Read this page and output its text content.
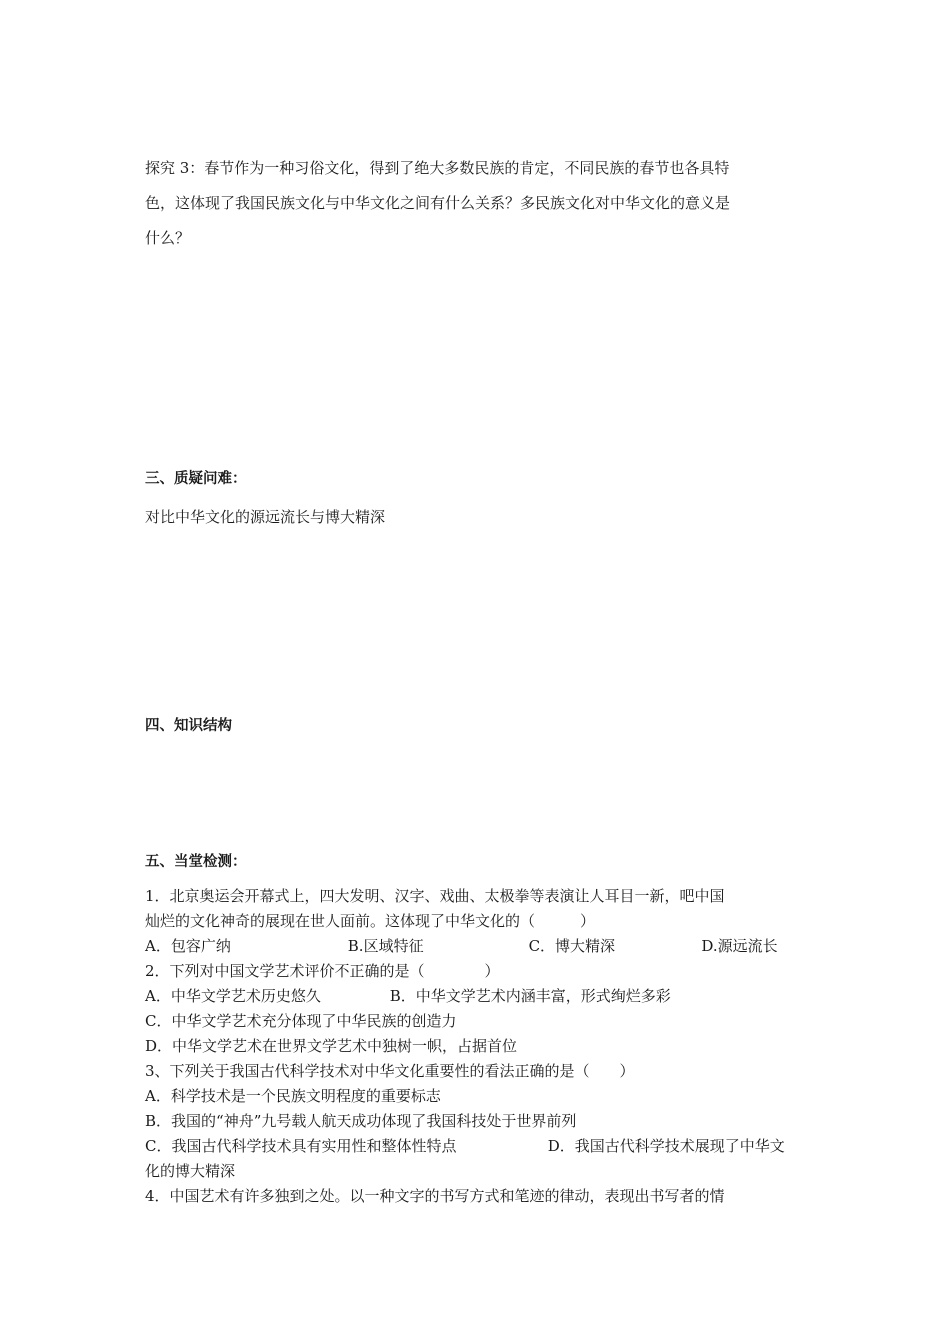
探究 3：春节作为一种习俗文化，得到了绝大多数民族的肯定，不同民族的春节也各具特
色，这体现了我国民族文化与中华文化之间有什么关系？多民族文化对中华文化的意义是
什么？
三、质疑问难：
对比中华文化的源远流长与博大精深
四、知识结构
五、当堂检测：
1．北京奥运会开幕式上，四大发明、汉字、戏曲、太极拳等表演让人耳目一新，吧中国
灿烂的文化神奇的展现在世人面前。这体现了中华文化的（　　　）
A．包容广纳	B.区域特征	C．博大精深	D.源远流长
2．下列对中国文学艺术评价不正确的是（　　　　）
A．中华文学艺术历史悠久	B．中华文学艺术内涵丰富，形式绚烂多彩
C．中华文学艺术充分体现了中华民族的创造力
D．中华文学艺术在世界文学艺术中独树一帜，占据首位
3、下列关于我国古代科学技术对中华文化重要性的看法正确的是（　　）
A．科学技术是一个民族文明程度的重要标志
B．我国的“神舟”九号载人航天成功体现了我国科技处于世界前列
C．我国古代科学技术具有实用性和整体性特点	D．我国古代科学技术展现了中华文
化的博大精深
4．中国艺术有许多独到之处。以一种文字的书写方式和笔迹的律动，表现出书写者的情
